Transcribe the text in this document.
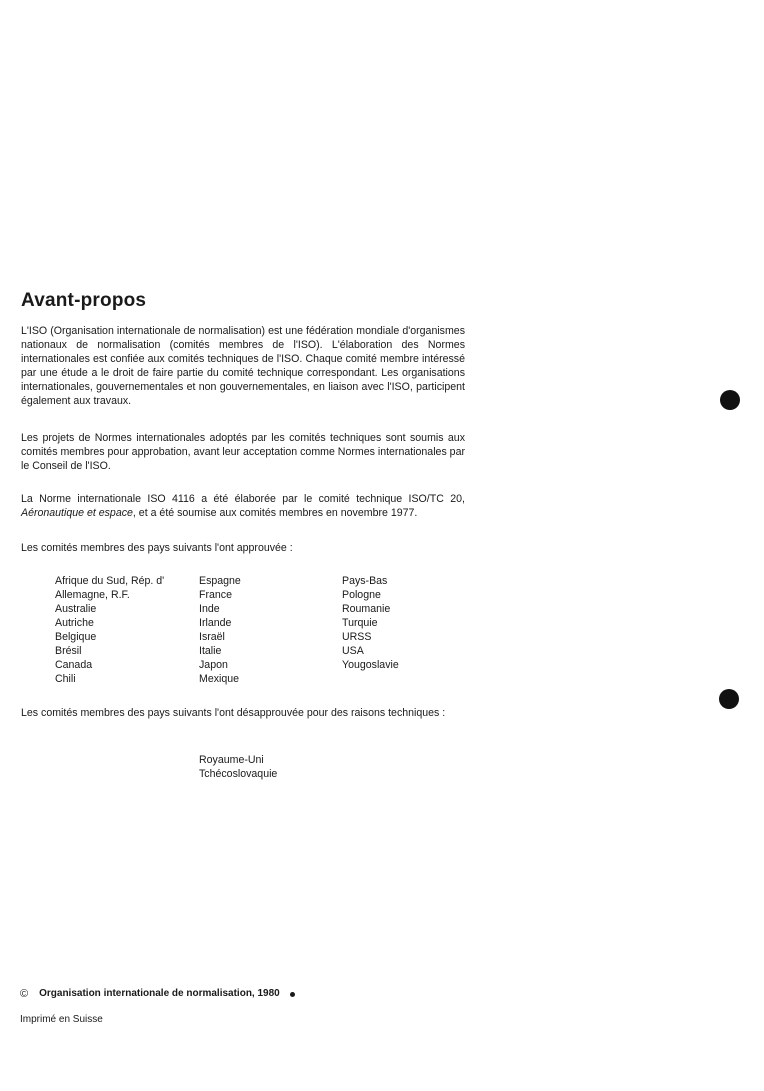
Avant-propos

L'ISO (Organisation internationale de normalisation) est une fédération mondiale d'organismes nationaux de normalisation (comités membres de l'ISO). L'élaboration des Normes internationales est confiée aux comités techniques de l'ISO. Chaque comité membre intéressé par une étude a le droit de faire partie du comité technique correspondant. Les organisations internationales, gouvernementales et non gouvernementales, en liaison avec l'ISO, participent également aux travaux.

Les projets de Normes internationales adoptés par les comités techniques sont soumis aux comités membres pour approbation, avant leur acceptation comme Normes internationales par le Conseil de l'ISO.

La Norme internationale ISO 4116 a été élaborée par le comité technique ISO/TC 20, Aéronautique et espace, et a été soumise aux comités membres en novembre 1977.

Les comités membres des pays suivants l'ont approuvée :

Afrique du Sud, Rép. d'
Allemagne, R.F.
Australie
Autriche
Belgique
Brésil
Canada
Chili
Espagne
France
Inde
Irlande
Israël
Italie
Japon
Mexique
Pays-Bas
Pologne
Roumanie
Turquie
URSS
USA
Yougoslavie

Les comités membres des pays suivants l'ont désapprouvée pour des raisons techniques :

Royaume-Uni
Tchécoslovaquie
© Organisation internationale de normalisation, 1980
Imprimé en Suisse
